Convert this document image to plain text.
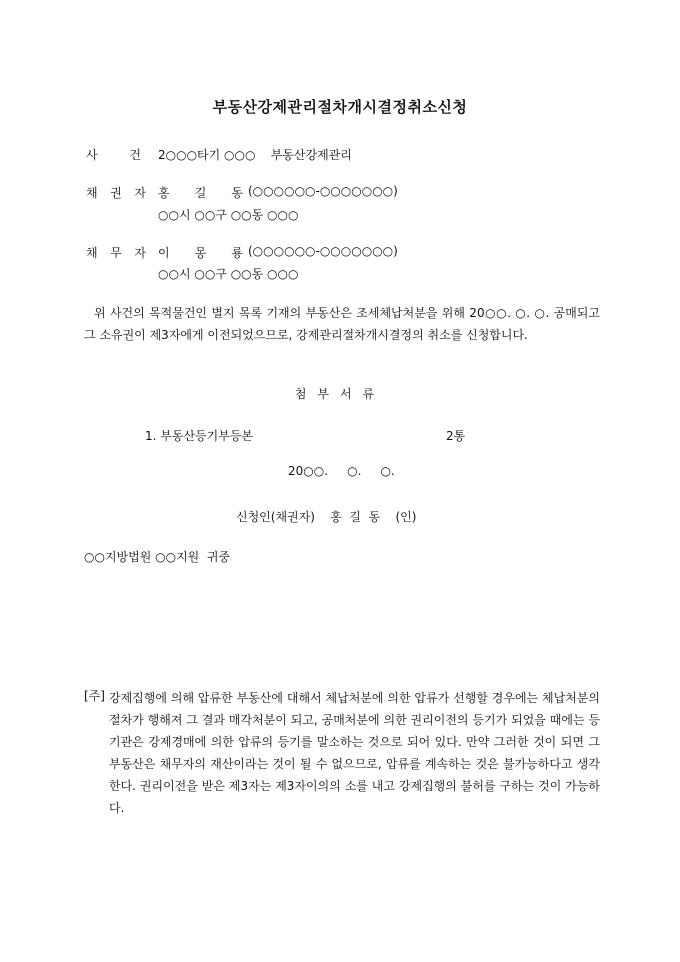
부동산강제관리절차개시결정취소신청
사	건 2○○○타기 ○○○    부동산강제관리
채 권 자 홍 길 동 (○○○○○○-○○○○○○○)
○○시 ○○구 ○○동 ○○○
채 무 자 이 몽 룡 (○○○○○○-○○○○○○○)
○○시 ○○구 ○○동 ○○○
위 사건의 목적물건인 별지 목록 기재의 부동산은 조세체납처분을 위해 20○○. ○. ○. 공매되고 그 소유권이 제3자에게 이전되었으므로, 강제관리절차개시결정의 취소를 신청합니다.
첨부서류
1. 부동산등기부등본	2통
20○○.     ○.     ○.
신청인(채권자)    홍  길  동    (인)
○○지방법원 ○○지원  귀중
[주] 강제집행에 의해 압류한 부동산에 대해서 체납처분에 의한 압류가 선행할 경우에는 체납처분의 절차가 행해져 그 결과 매각처분이 되고, 공매처분에 의한 권리이전의 등기가 되었을 때에는 등기관은 강제경매에 의한 압류의 등기를 말소하는 것으로 되어 있다. 만약 그러한 것이 되면 그 부동산은 채무자의 재산이라는 것이 될 수 없으므로, 압류를 계속하는 것은 불가능하다고 생각한다. 권리이전을 받은 제3자는 제3자이의의 소를 내고 강제집행의 불허를 구하는 것이 가능하다.
